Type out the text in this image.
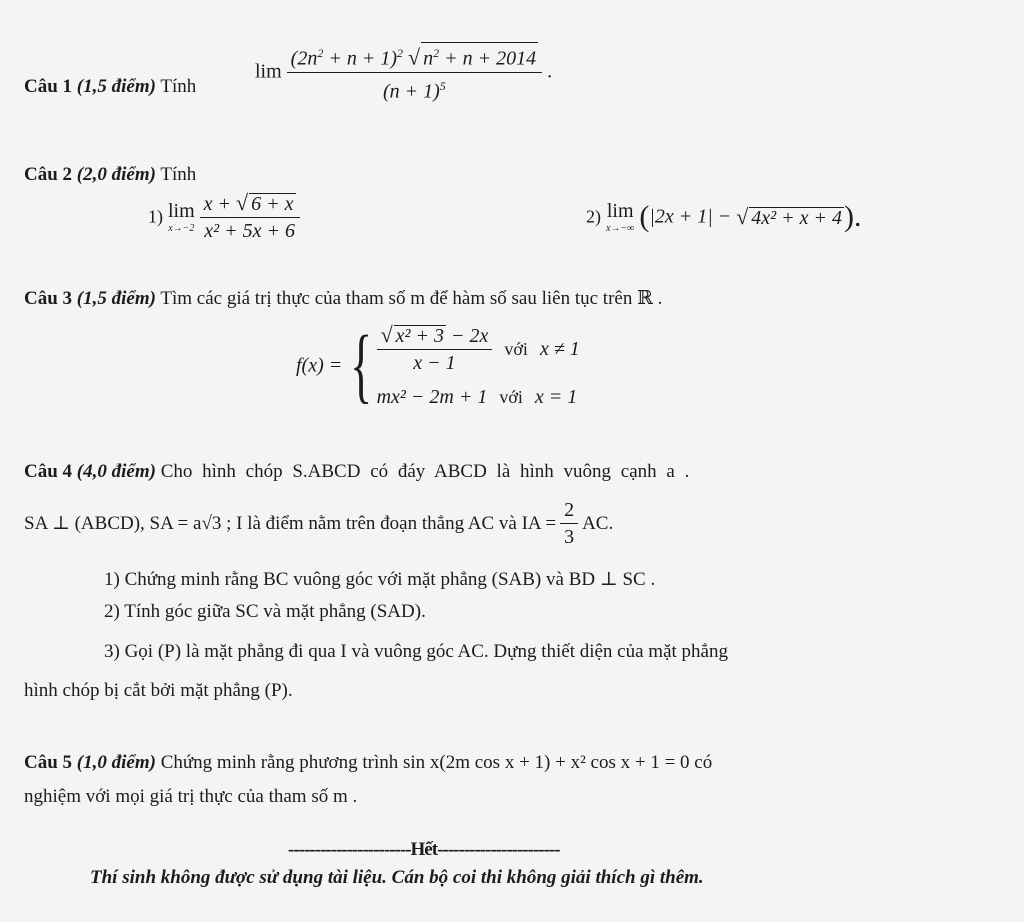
Câu 1 (1,5 điểm) Tính
$\lim \frac{(2n^2 + n + 1)^2 √ n^2 + n + 2014}{(n + 1)^5}$ .
Câu 2 (2,0 điểm) Tính
1) lim
x→−2
$\frac{x + √ 6 + x}{\text{x² + 5x + 6}}$	2) lim
x→−∞ (|2x + 1| − √ 4x² + x + 4).
Câu 3 (1,5 điểm) Tìm các giá trị thực của tham số m để hàm số sau liên tục trên ℝ .
f(x) = { $\frac{\text{√ x² + 3 − 2x}}{x - 1}$ với x ≠ 1
mx² − 2m + 1 với x = 1
Câu 4 (4,0 điểm) Cho hình chóp S.ABCD có đáy ABCD là hình vuông cạnh a .
SA ⊥ (ABCD), SA = a√3 ; I là điểm nằm trên đoạn thẳng AC và IA = $\frac{2}{3}$ AC.
1) Chứng minh rằng BC vuông góc với mặt phẳng (SAB) và BD ⊥ SC .
2) Tính góc giữa SC và mặt phẳng (SAD).
3) Gọi (P) là mặt phẳng đi qua I và vuông góc AC. Dựng thiết diện của mặt phẳng
hình chóp bị cắt bởi mặt phẳng (P).
Câu 5 (1,0 điểm) Chứng minh rằng phương trình sin x(2m cos x + 1) + x² cos x + 1 = 0 có
nghiệm với mọi giá trị thực của tham số m .
-----------------------Hết-----------------------
Thí sinh không được sử dụng tài liệu. Cán bộ coi thi không giải thích gì thêm.
